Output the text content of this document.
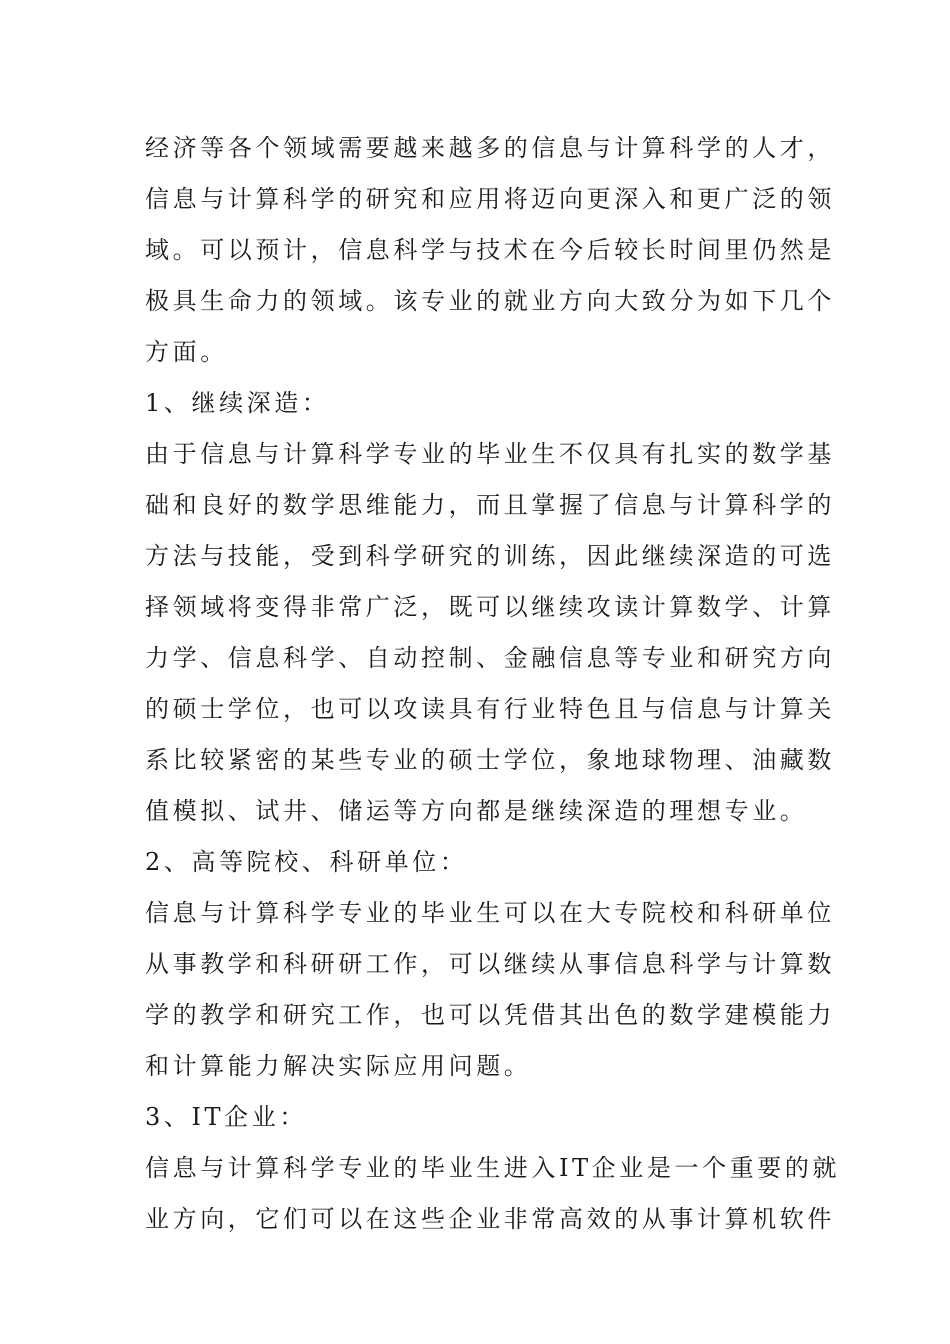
经济等各个领域需要越来越多的信息与计算科学的人才，
信息与计算科学的研究和应用将迈向更深入和更广泛的领
域。可以预计，信息科学与技术在今后较长时间里仍然是
极具生命力的领域。该专业的就业方向大致分为如下几个
方面。
1、继续深造：
由于信息与计算科学专业的毕业生不仅具有扎实的数学基
础和良好的数学思维能力，而且掌握了信息与计算科学的
方法与技能，受到科学研究的训练，因此继续深造的可选
择领域将变得非常广泛，既可以继续攻读计算数学、计算
力学、信息科学、自动控制、金融信息等专业和研究方向
的硕士学位，也可以攻读具有行业特色且与信息与计算关
系比较紧密的某些专业的硕士学位，象地球物理、油藏数
值模拟、试井、储运等方向都是继续深造的理想专业。
2、高等院校、科研单位：
信息与计算科学专业的毕业生可以在大专院校和科研单位
从事教学和科研研工作，可以继续从事信息科学与计算数
学的教学和研究工作，也可以凭借其出色的数学建模能力
和计算能力解决实际应用问题。
3、IT企业：
信息与计算科学专业的毕业生进入IT企业是一个重要的就
业方向，它们可以在这些企业非常高效的从事计算机软件
